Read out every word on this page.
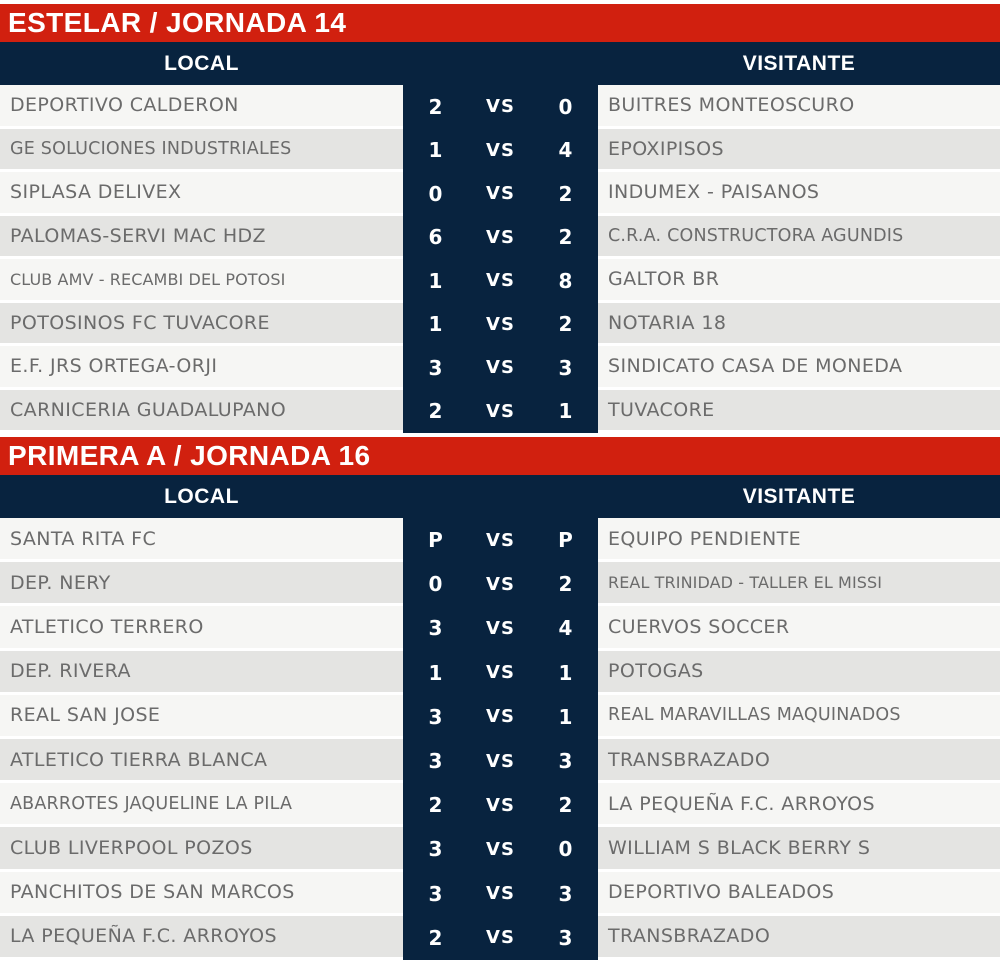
ESTELAR / JORNADA 14
LOCAL	VISITANTE
DEPORTIVO CALDERON	2	VS	0	BUITRES MONTEOSCURO
GE SOLUCIONES INDUSTRIALES	1	VS	4	EPOXIPISOS
SIPLASA DELIVEX	0	VS	2	INDUMEX - PAISANOS
PALOMAS-SERVI MAC HDZ	6	VS	2	C.R.A. CONSTRUCTORA AGUNDIS
CLUB AMV - RECAMBI DEL POTOSI	1	VS	8	GALTOR BR
POTOSINOS FC TUVACORE	1	VS	2	NOTARIA 18
E.F. JRS ORTEGA-ORJI	3	VS	3	SINDICATO CASA DE MONEDA
CARNICERIA GUADALUPANO	2	VS	1	TUVACORE
PRIMERA A / JORNADA 16
LOCAL	VISITANTE
SANTA RITA FC	P	VS	P	EQUIPO PENDIENTE
DEP. NERY	0	VS	2	REAL TRINIDAD - TALLER EL MISSI
ATLETICO TERRERO	3	VS	4	CUERVOS SOCCER
DEP. RIVERA	1	VS	1	POTOGAS
REAL SAN JOSE	3	VS	1	REAL MARAVILLAS MAQUINADOS
ATLETICO TIERRA BLANCA	3	VS	3	TRANSBRAZADO
ABARROTES JAQUELINE LA PILA	2	VS	2	LA PEQUEÑA F.C. ARROYOS
CLUB LIVERPOOL POZOS	3	VS	0	WILLIAM S BLACK BERRY S
PANCHITOS DE SAN MARCOS	3	VS	3	DEPORTIVO BALEADOS
LA PEQUEÑA F.C. ARROYOS	2	VS	3	TRANSBRAZADO
